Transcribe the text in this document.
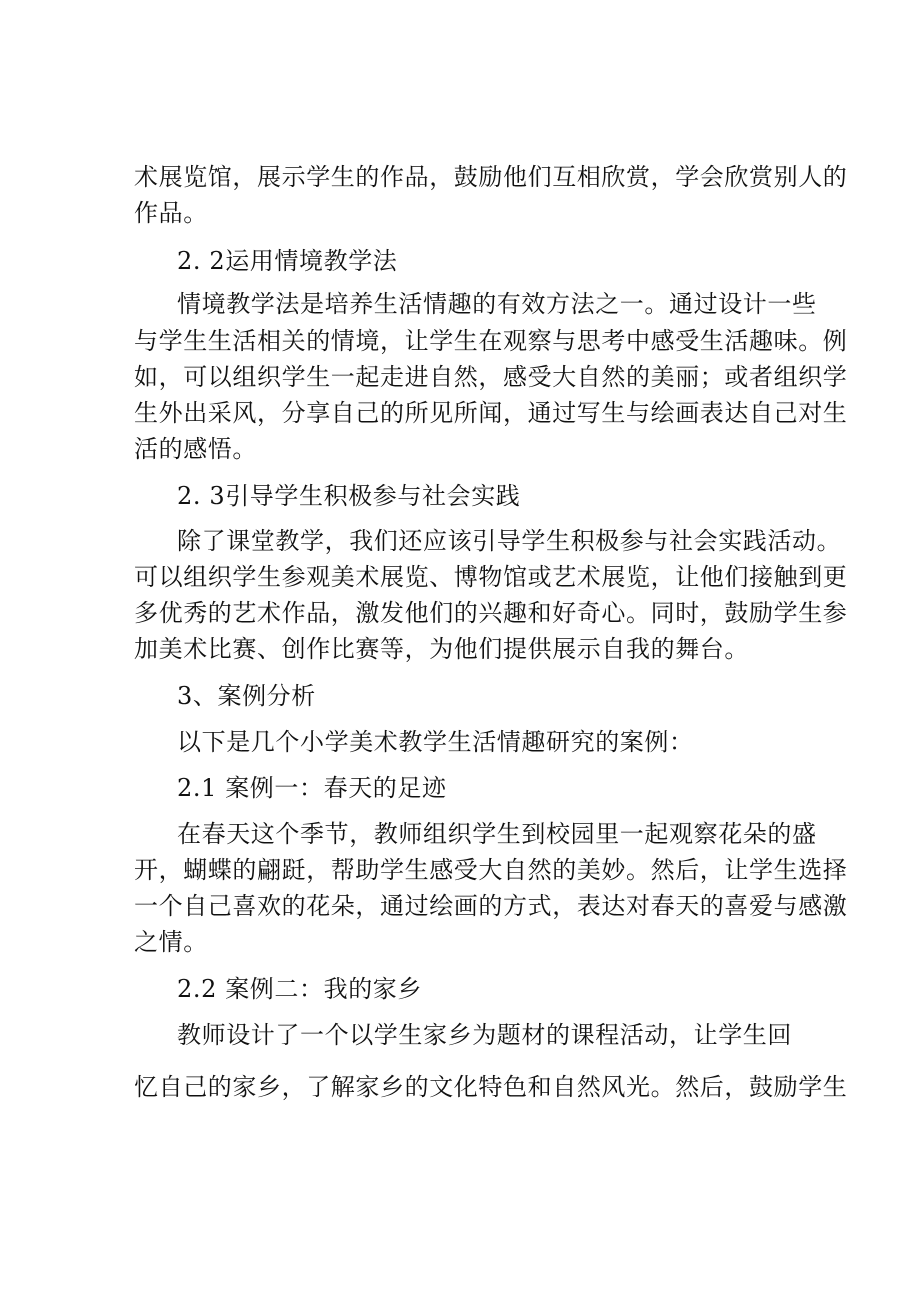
术展览馆，展示学生的作品，鼓励他们互相欣赏，学会欣赏别人的
作品。
2. 2运用情境教学法
情境教学法是培养生活情趣的有效方法之一。通过设计一些
与学生生活相关的情境，让学生在观察与思考中感受生活趣味。例
如，可以组织学生一起走进自然，感受大自然的美丽；或者组织学
生外出采风，分享自己的所见所闻，通过写生与绘画表达自己对生
活的感悟。
2. 3引导学生积极参与社会实践
除了课堂教学，我们还应该引导学生积极参与社会实践活动。
可以组织学生参观美术展览、博物馆或艺术展览，让他们接触到更
多优秀的艺术作品，激发他们的兴趣和好奇心。同时，鼓励学生参
加美术比赛、创作比赛等，为他们提供展示自我的舞台。
3、案例分析
以下是几个小学美术教学生活情趣研究的案例：
2.1 案例一：春天的足迹
在春天这个季节，教师组织学生到校园里一起观察花朵的盛
开，蝴蝶的翩跹，帮助学生感受大自然的美妙。然后，让学生选择
一个自己喜欢的花朵，通过绘画的方式，表达对春天的喜爱与感激
之情。
2.2 案例二：我的家乡
教师设计了一个以学生家乡为题材的课程活动，让学生回
忆自己的家乡，了解家乡的文化特色和自然风光。然后，鼓励学生
